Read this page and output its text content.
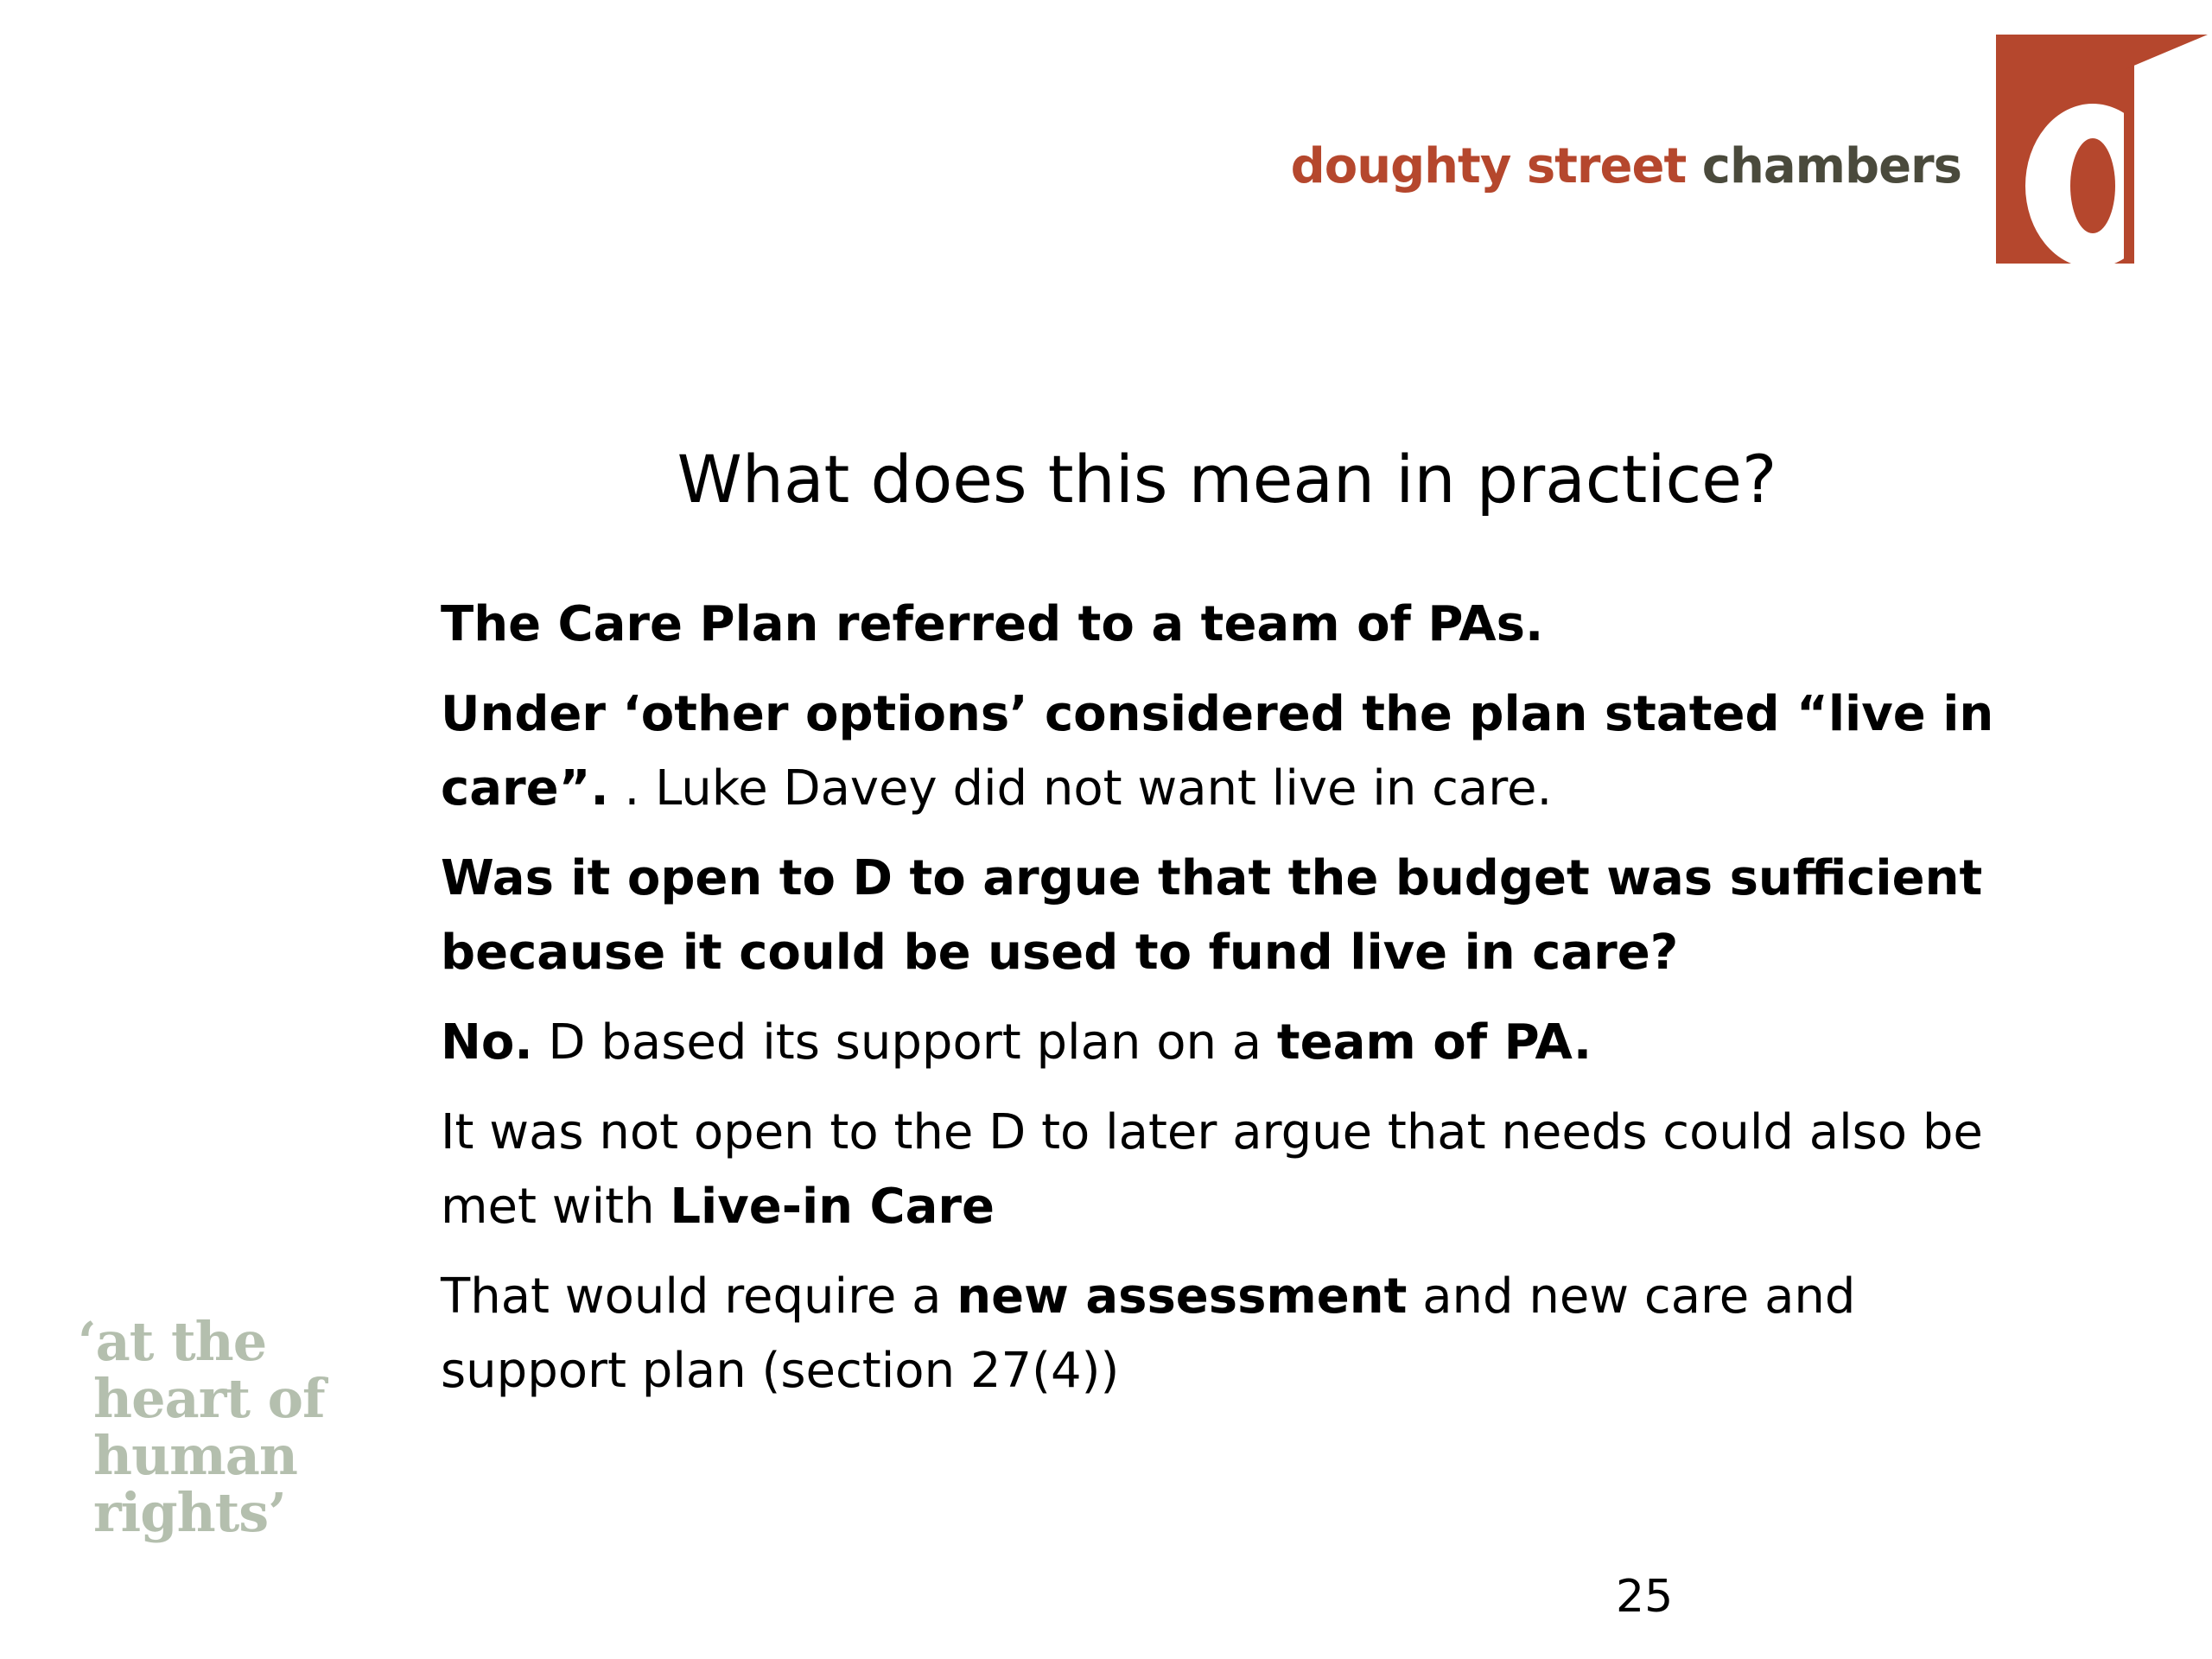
doughty street chambers
What does this mean in practice?

The Care Plan referred to a team of PAs.

Under ‘other options’ considered the plan stated “live in care”. . Luke Davey did not want live in care.

Was it open to D to argue that the budget was sufficient because it could be used to fund live in care?

No. D based its support plan on a team of PA.

It was not open to the D to later argue that needs could also be met with Live-in Care

That would require a new assessment and new care and support plan (section 27(4))

‘at the
heart of
human
rights’
25
